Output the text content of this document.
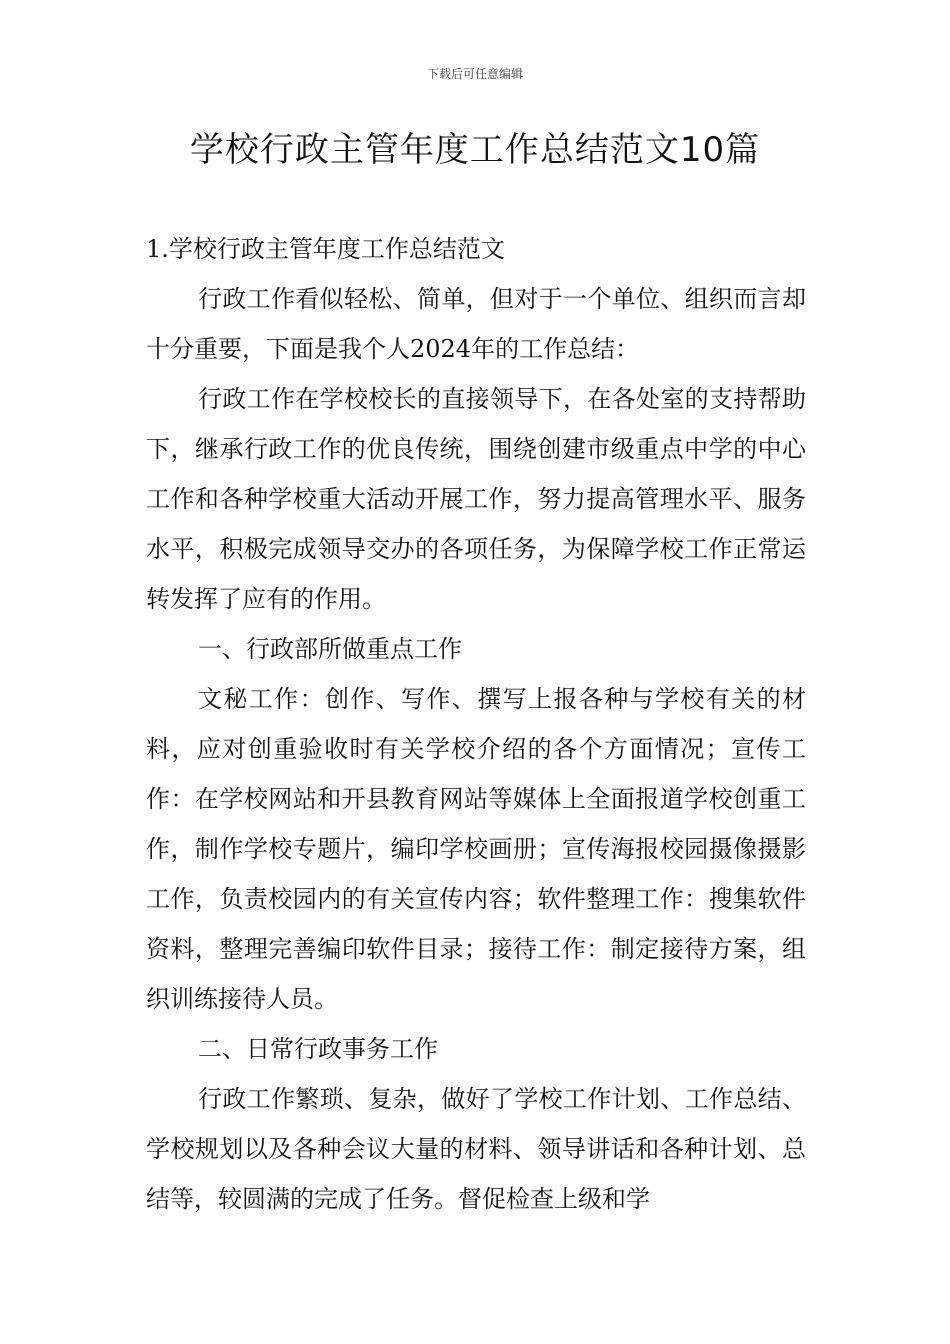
下载后可任意编辑
学校行政主管年度工作总结范文10篇

1.学校行政主管年度工作总结范文

行政工作看似轻松、简单，但对于一个单位、组织而言却十分重要，下面是我个人2024年的工作总结：

行政工作在学校校长的直接领导下，在各处室的支持帮助下，继承行政工作的优良传统，围绕创建市级重点中学的中心工作和各种学校重大活动开展工作，努力提高管理水平、服务水平，积极完成领导交办的各项任务，为保障学校工作正常运转发挥了应有的作用。

一、行政部所做重点工作

文秘工作：创作、写作、撰写上报各种与学校有关的材料，应对创重验收时有关学校介绍的各个方面情况；宣传工作：在学校网站和开县教育网站等媒体上全面报道学校创重工作，制作学校专题片，编印学校画册；宣传海报校园摄像摄影工作，负责校园内的有关宣传内容；软件整理工作：搜集软件资料，整理完善编印软件目录；接待工作：制定接待方案，组织训练接待人员。

二、日常行政事务工作

行政工作繁琐、复杂，做好了学校工作计划、工作总结、学校规划以及各种会议大量的材料、领导讲话和各种计划、总结等，较圆满的完成了任务。督促检查上级和学
